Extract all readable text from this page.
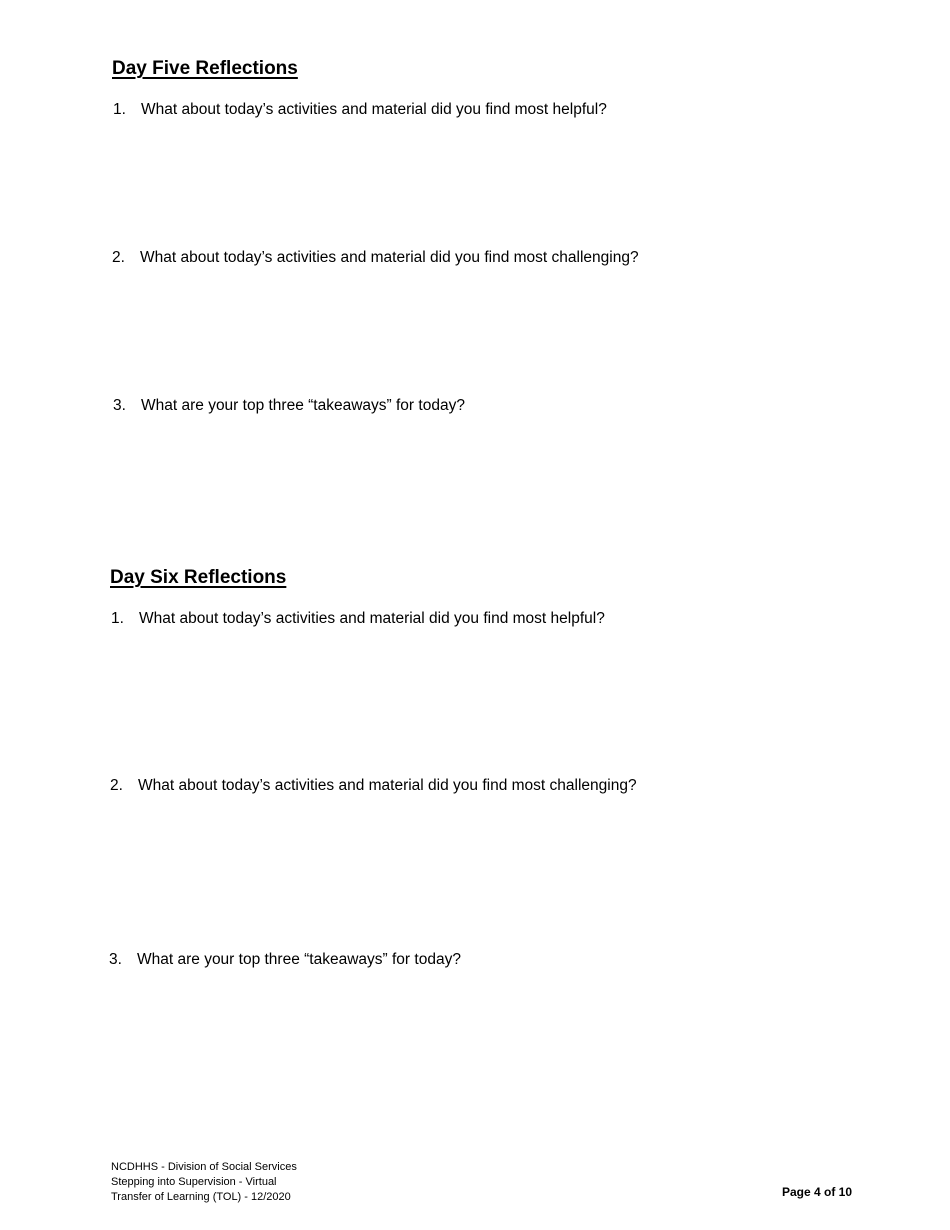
Day Five Reflections
1. What about today’s activities and material did you find most helpful?
2. What about today’s activities and material did you find most challenging?
3. What are your top three “takeaways” for today?
Day Six Reflections
1. What about today’s activities and material did you find most helpful?
2. What about today’s activities and material did you find most challenging?
3. What are your top three “takeaways” for today?
NCDHHS - Division of Social Services
Stepping into Supervision - Virtual
Transfer of Learning (TOL) - 12/2020	Page 4 of 10
